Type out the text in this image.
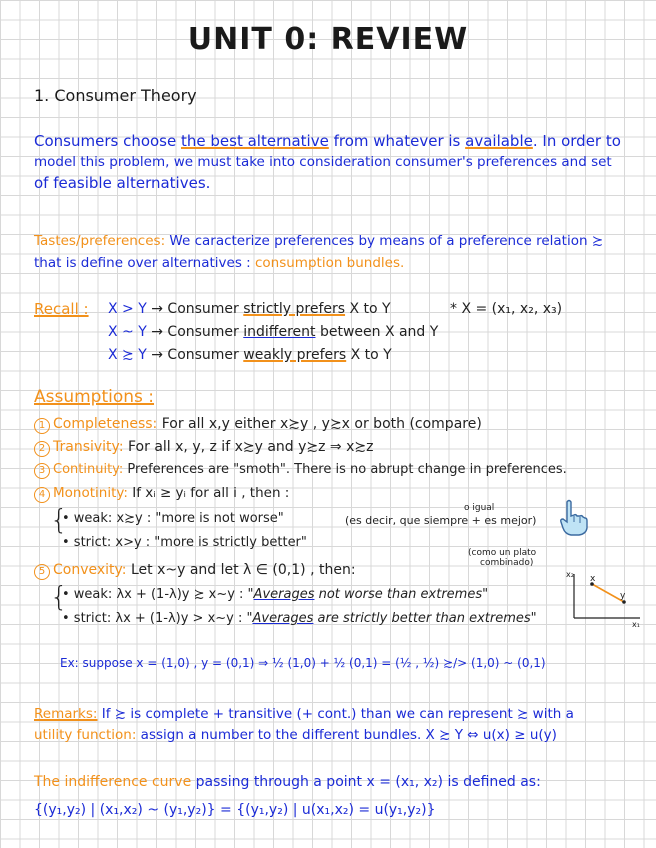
UNIT 0: REVIEW
1. Consumer Theory
Consumers choose the best alternative from whatever is available. In order to
model this problem, we must take into consideration consumer's preferences and set
of feasible alternatives.
Tastes/preferences: We caracterize preferences by means of a preference relation ≿
that is define over alternatives : consumption bundles.
Recall : X > Y → Consumer strictly prefers X to Y	* X = (x₁, x₂, x₃)
X ~ Y → Consumer indifferent between X and Y
X ≿ Y → Consumer weakly prefers X to Y
Assumptions :
1 Completeness: For all x,y either x≿y , y≿x or both (compare)
2 Transivity: For all x, y, z if x≿y and y≿z ⇒ x≿z
3 Continuity: Preferences are "smoth". There is no abrupt change in preferences.
4 Monotinity: If xᵢ ≥ yᵢ for all i , then :
{
• weak: x≿y : "more is not worse"	(es decir, que siempre + es mejor)
o igual
• strict: x>y : "more is strictly better"
5 Convexity: Let x~y and let λ ∈ (0,1) , then:
(como un plato
combinado)
{
• weak: λx + (1-λ)y ≿ x~y : "Averages not worse than extremes"
• strict: λx + (1-λ)y > x~y : "Averages are strictly better than extremes"
x₂
x₁
x
y
Ex: suppose x = (1,0) , y = (0,1) ⇒ ½ (1,0) + ½ (0,1) = (½ , ½) ≿/> (1,0) ~ (0,1)
Remarks: If ≿ is complete + transitive (+ cont.) than we can represent ≿ with a
utility function: assign a number to the different bundles. X ≿ Y ⇔ u(x) ≥ u(y)
The indifference curve passing through a point x = (x₁, x₂) is defined as:
{(y₁,y₂) | (x₁,x₂) ~ (y₁,y₂)} = {(y₁,y₂) | u(x₁,x₂) = u(y₁,y₂)}
